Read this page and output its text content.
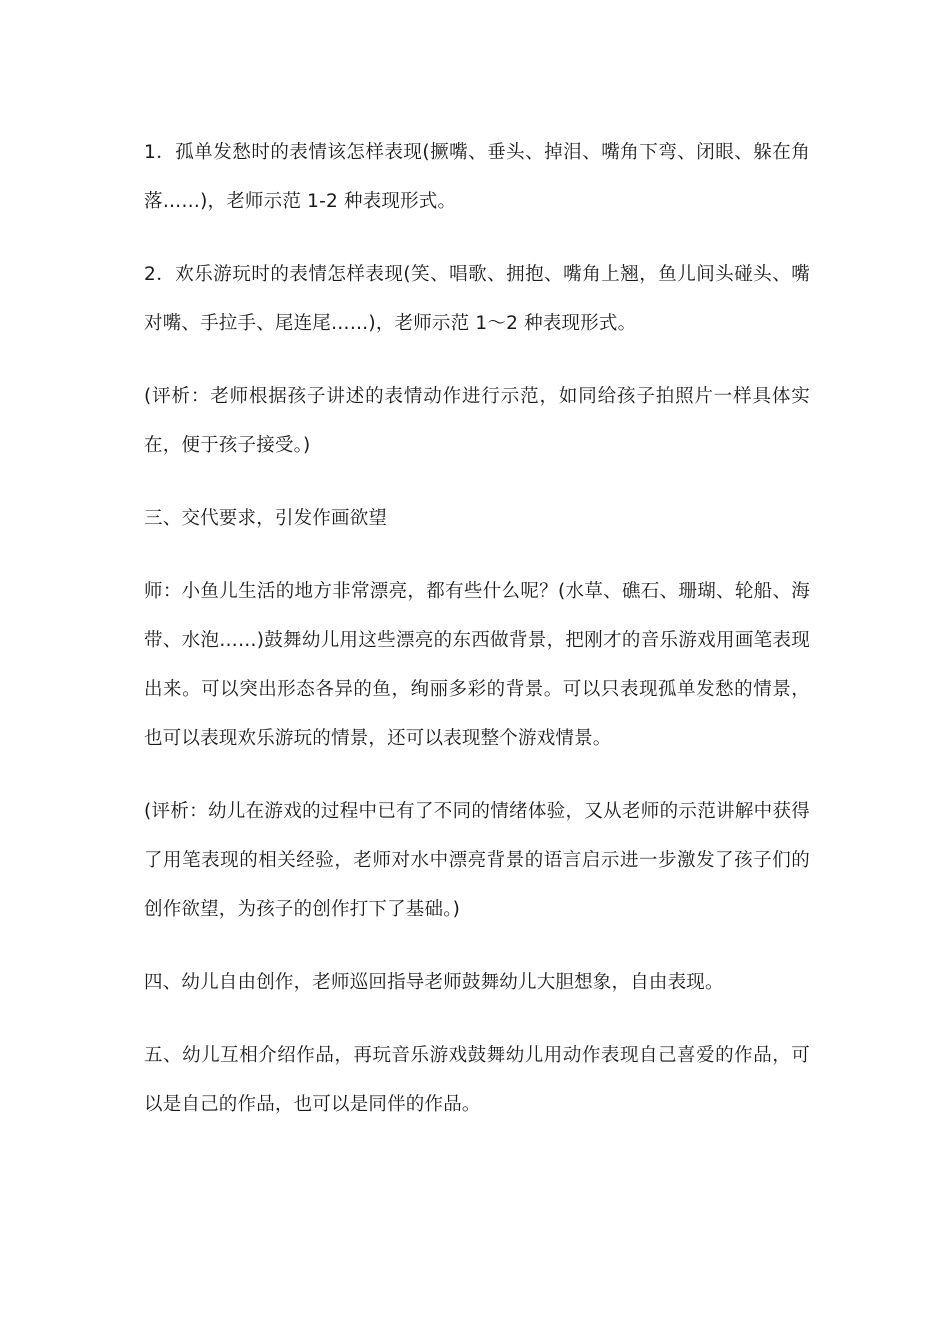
1．孤单发愁时的表情该怎样表现(撅嘴、垂头、掉泪、嘴角下弯、闭眼、躲在角落……)，老师示范 1-2 种表现形式。

2．欢乐游玩时的表情怎样表现(笑、唱歌、拥抱、嘴角上翘，鱼儿间头碰头、嘴对嘴、手拉手、尾连尾……)，老师示范 1～2 种表现形式。

(评析：老师根据孩子讲述的表情动作进行示范，如同给孩子拍照片一样具体实在，便于孩子接受。)

三、交代要求，引发作画欲望

师：小鱼儿生活的地方非常漂亮，都有些什么呢？(水草、礁石、珊瑚、轮船、海带、水泡……)鼓舞幼儿用这些漂亮的东西做背景，把刚才的音乐游戏用画笔表现出来。可以突出形态各异的鱼，绚丽多彩的背景。可以只表现孤单发愁的情景，也可以表现欢乐游玩的情景，还可以表现整个游戏情景。

(评析：幼儿在游戏的过程中已有了不同的情绪体验，又从老师的示范讲解中获得了用笔表现的相关经验，老师对水中漂亮背景的语言启示进一步激发了孩子们的创作欲望，为孩子的创作打下了基础。)

四、幼儿自由创作，老师巡回指导老师鼓舞幼儿大胆想象，自由表现。

五、幼儿互相介绍作品，再玩音乐游戏鼓舞幼儿用动作表现自己喜爱的作品，可以是自己的作品，也可以是同伴的作品。
